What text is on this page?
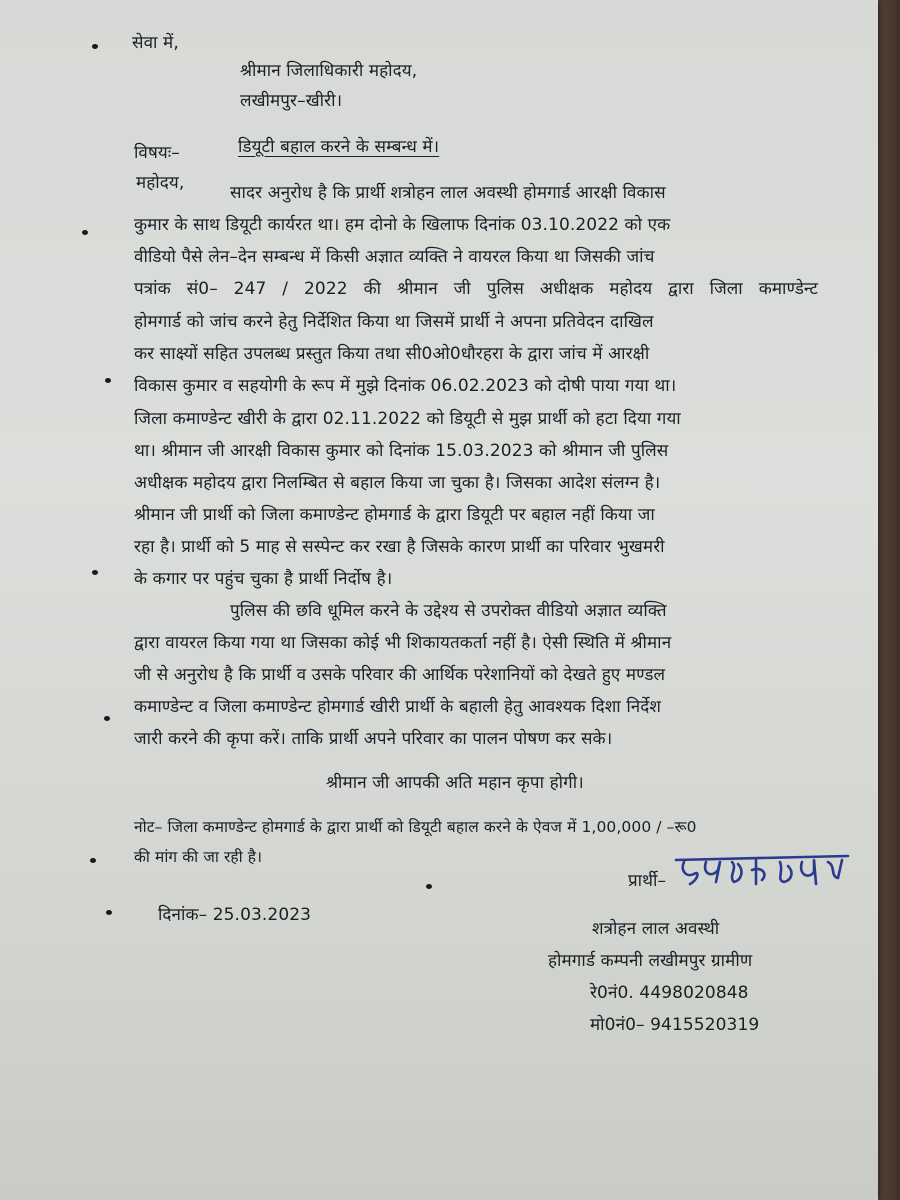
सेवा में,
श्रीमान जिलाधिकारी महोदय,
लखीमपुर–खीरी।
विषयः–	डियूटी बहाल करने के सम्बन्ध में।
महोदय,	सादर अनुरोध है कि प्रार्थी शत्रोहन लाल अवस्थी होमगार्ड आरक्षी विकास
कुमार के साथ डियूटी कार्यरत था। हम दोनो के खिलाफ दिनांक 03.10.2022 को एक
वीडियो पैसे लेन–देन सम्बन्ध में किसी अज्ञात व्यक्ति ने वायरल किया था जिसकी जांच
पत्रांक सं0– 247 / 2022 की श्रीमान जी पुलिस अधीक्षक महोदय द्वारा जिला कमाण्डेन्ट
होमगार्ड को जांच करने हेतु निर्देशित किया था जिसमें प्रार्थी ने अपना प्रतिवेदन दाखिल
कर साक्ष्यों सहित उपलब्ध प्रस्तुत किया तथा सी0ओ0धौरहरा के द्वारा जांच में आरक्षी
विकास कुमार व सहयोगी के रूप में मुझे दिनांक 06.02.2023 को दोषी पाया गया था।
जिला कमाण्डेन्ट खीरी के द्वारा 02.11.2022 को डियूटी से मुझ प्रार्थी को हटा दिया गया
था। श्रीमान जी आरक्षी विकास कुमार को दिनांक 15.03.2023 को श्रीमान जी पुलिस
अधीक्षक महोदय द्वारा निलम्बित से बहाल किया जा चुका है। जिसका आदेश संलग्न है।
श्रीमान जी प्रार्थी को जिला कमाण्डेन्ट होमगार्ड के द्वारा डियूटी पर बहाल नहीं किया जा
रहा है। प्रार्थी को 5 माह से सस्पेन्ट कर रखा है जिसके कारण प्रार्थी का परिवार भुखमरी
के कगार पर पहुंच चुका है प्रार्थी निर्दोष है।
पुलिस की छवि धूमिल करने के उद्देश्य से उपरोक्त वीडियो अज्ञात व्यक्ति
द्वारा वायरल किया गया था जिसका कोई भी शिकायतकर्ता नहीं है। ऐसी स्थिति में श्रीमान
जी से अनुरोध है कि प्रार्थी व उसके परिवार की आर्थिक परेशानियों को देखते हुए मण्डल
कमाण्डेन्ट व जिला कमाण्डेन्ट होमगार्ड खीरी प्रार्थी के बहाली हेतु आवश्यक दिशा निर्देश
जारी करने की कृपा करें। ताकि प्रार्थी अपने परिवार का पालन पोषण कर सके।
श्रीमान जी आपकी अति महान कृपा होगी।
नोट– जिला कमाण्डेन्ट होमगार्ड के द्वारा प्रार्थी को डियूटी बहाल करने के ऐवज में 1,00,000 / –रू0
की मांग की जा रही है।
दिनांक– 25.03.2023
प्रार्थी–
शत्रोहन लाल अवस्थी
होमगार्ड कम्पनी लखीमपुर ग्रामीण
रे0नं0. 4498020848
मो0नं0– 9415520319
